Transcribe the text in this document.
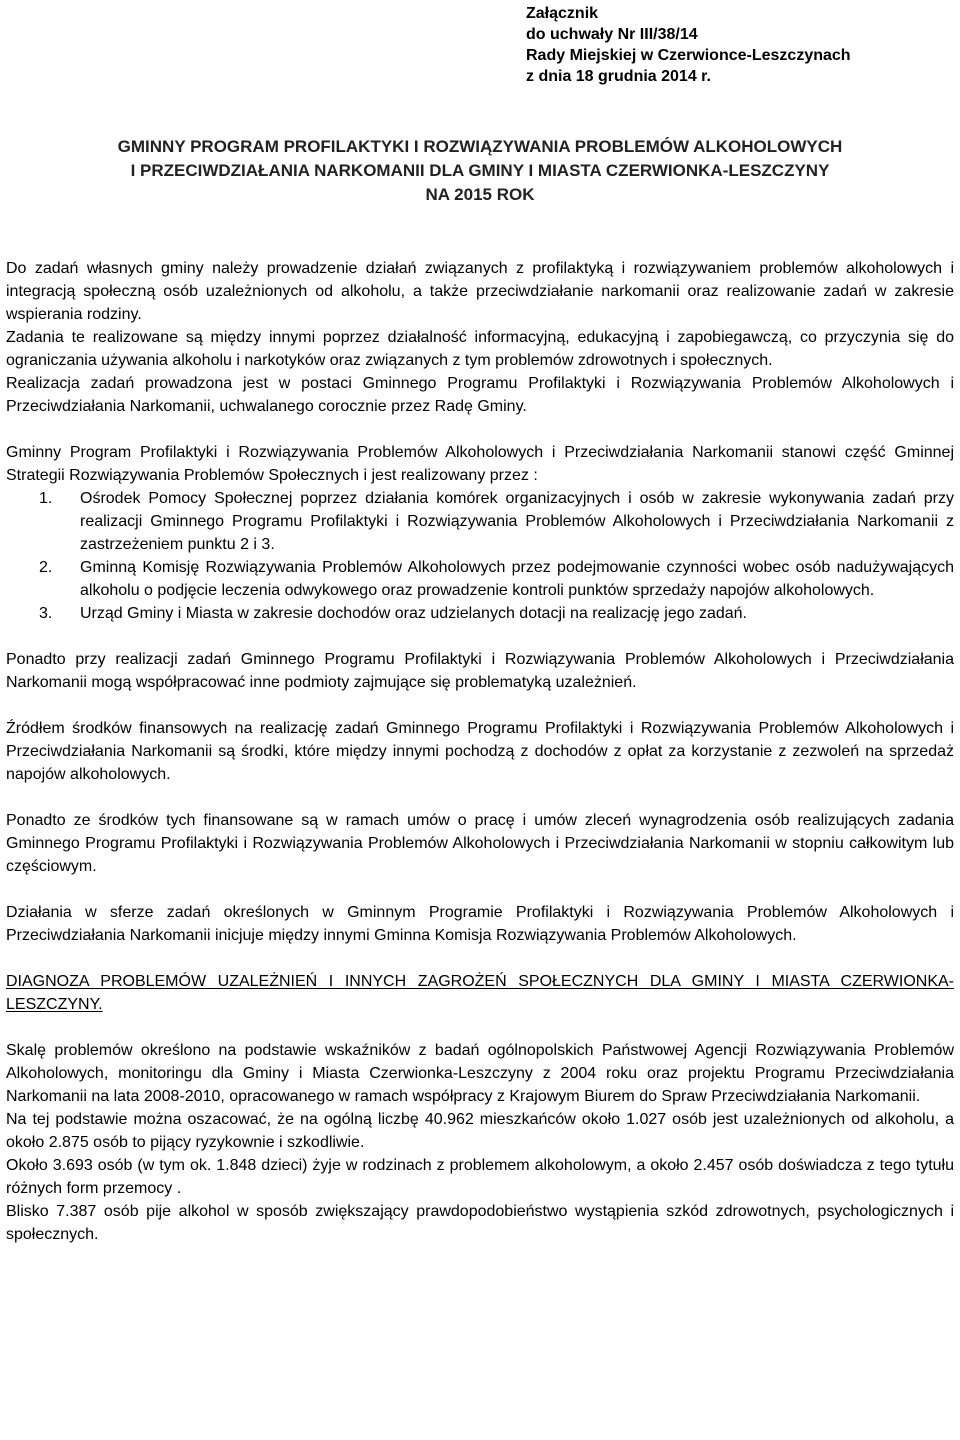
Załącznik
do uchwały Nr III/38/14
Rady Miejskiej w Czerwionce-Leszczynach
z dnia 18 grudnia 2014 r.
GMINNY PROGRAM PROFILAKTYKI I ROZWIĄZYWANIA PROBLEMÓW ALKOHOLOWYCH
I PRZECIWDZIAŁANIA NARKOMANII DLA GMINY I MIASTA CZERWIONKA-LESZCZYNY
NA 2015 ROK

Do zadań własnych gminy należy prowadzenie działań związanych z profilaktyką i rozwiązywaniem problemów alkoholowych i integracją społeczną osób uzależnionych od alkoholu, a także przeciwdziałanie narkomanii oraz realizowanie zadań w zakresie wspierania rodziny.

Zadania te realizowane są między innymi poprzez działalność informacyjną, edukacyjną i zapobiegawczą, co przyczynia się do ograniczania używania alkoholu i narkotyków oraz związanych z tym problemów zdrowotnych i społecznych.

Realizacja zadań prowadzona jest w postaci Gminnego Programu Profilaktyki i Rozwiązywania Problemów Alkoholowych i Przeciwdziałania Narkomanii, uchwalanego corocznie przez Radę Gminy.

Gminny Program Profilaktyki i Rozwiązywania Problemów Alkoholowych i Przeciwdziałania Narkomanii stanowi część Gminnej Strategii Rozwiązywania Problemów Społecznych i jest realizowany przez :

1. Ośrodek Pomocy Społecznej poprzez działania komórek organizacyjnych i osób w zakresie wykonywania zadań przy realizacji Gminnego Programu Profilaktyki i Rozwiązywania Problemów Alkoholowych i Przeciwdziałania Narkomanii z zastrzeżeniem punktu 2 i 3.
2. Gminną Komisję Rozwiązywania Problemów Alkoholowych przez podejmowanie czynności wobec osób nadużywających alkoholu o podjęcie leczenia odwykowego oraz prowadzenie kontroli punktów sprzedaży napojów alkoholowych.
3. Urząd Gminy i Miasta w zakresie dochodów oraz udzielanych dotacji na realizację jego zadań.

Ponadto przy realizacji zadań Gminnego Programu Profilaktyki i Rozwiązywania Problemów Alkoholowych i Przeciwdziałania Narkomanii mogą współpracować inne podmioty zajmujące się problematyką uzależnień.

Źródłem środków finansowych na realizację zadań Gminnego Programu Profilaktyki i Rozwiązywania Problemów Alkoholowych i Przeciwdziałania Narkomanii są środki, które między innymi pochodzą z dochodów z opłat za korzystanie z zezwoleń na sprzedaż napojów alkoholowych.

Ponadto ze środków tych finansowane są w ramach umów o pracę i umów zleceń wynagrodzenia osób realizujących zadania Gminnego Programu Profilaktyki i Rozwiązywania Problemów Alkoholowych i Przeciwdziałania Narkomanii w stopniu całkowitym lub częściowym.

Działania w sferze zadań określonych w Gminnym Programie Profilaktyki i Rozwiązywania Problemów Alkoholowych i Przeciwdziałania Narkomanii inicjuje między innymi Gminna Komisja Rozwiązywania Problemów Alkoholowych.

DIAGNOZA PROBLEMÓW UZALEŻNIEŃ I INNYCH ZAGROŻEŃ SPOŁECZNYCH DLA GMINY I MIASTA CZERWIONKA-LESZCZYNY.

Skalę problemów określono na podstawie wskaźników z badań ogólnopolskich Państwowej Agencji Rozwiązywania Problemów Alkoholowych, monitoringu dla Gminy i Miasta Czerwionka-Leszczyny z 2004 roku oraz projektu Programu Przeciwdziałania Narkomanii na lata 2008-2010, opracowanego w ramach współpracy z Krajowym Biurem do Spraw Przeciwdziałania Narkomanii.

Na tej podstawie można oszacować, że na ogólną liczbę 40.962 mieszkańców około 1.027 osób jest uzależnionych od alkoholu, a około 2.875 osób to pijący ryzykownie i szkodliwie.

Około 3.693 osób (w tym ok. 1.848 dzieci) żyje w rodzinach z problemem alkoholowym, a około 2.457 osób doświadcza z tego tytułu różnych form przemocy .

Blisko 7.387 osób pije alkohol w sposób zwiększający prawdopodobieństwo wystąpienia szkód zdrowotnych, psychologicznych i społecznych.
